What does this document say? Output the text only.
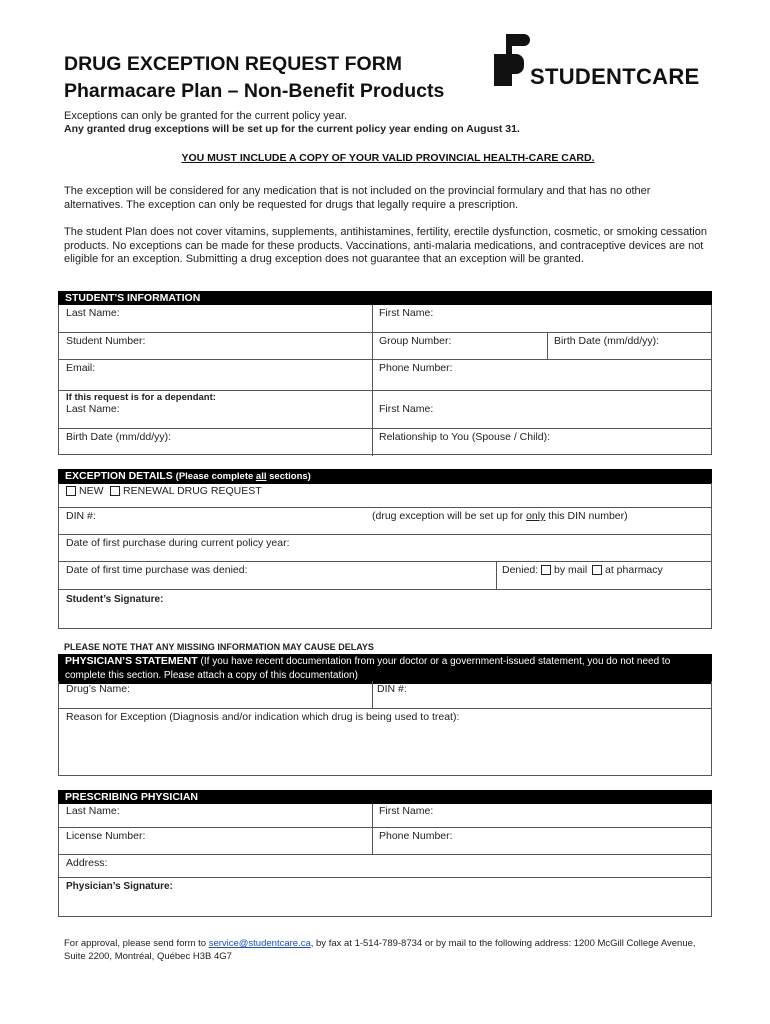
DRUG EXCEPTION REQUEST FORM
Pharmacare Plan – Non-Benefit Products
STUDENTCARE
Exceptions can only be granted for the current policy year.
Any granted drug exceptions will be set up for the current policy year ending on August 31.
YOU MUST INCLUDE A COPY OF YOUR VALID PROVINCIAL HEALTH-CARE CARD.
The exception will be considered for any medication that is not included on the provincial formulary and that has no other alternatives. The exception can only be requested for drugs that legally require a prescription.
The student Plan does not cover vitamins, supplements, antihistamines, fertility, erectile dysfunction, cosmetic, or smoking cessation products. No exceptions can be made for these products. Vaccinations, anti-malaria medications, and contraceptive devices are not eligible for an exception. Submitting a drug exception does not guarantee that an exception will be granted.
STUDENT'S INFORMATION
Last Name:	First Name:
Student Number:	Group Number:	Birth Date (mm/dd/yy):
Email:	Phone Number:
If this request is for a dependant:
Last Name:	First Name:
Birth Date (mm/dd/yy):	Relationship to You (Spouse / Child):
EXCEPTION DETAILS (Please complete all sections)
NEW	RENEWAL DRUG REQUEST
DIN #:	(drug exception will be set up for only this DIN number)
Date of first purchase during current policy year:
Date of first time purchase was denied:	Denied:	by mail	at pharmacy
Student’s Signature:
PLEASE NOTE THAT ANY MISSING INFORMATION MAY CAUSE DELAYS
PHYSICIAN’S STATEMENT (If you have recent documentation from your doctor or a government-issued statement, you do not need to complete this section. Please attach a copy of this documentation)
Drug’s Name:	DIN #:
Reason for Exception (Diagnosis and/or indication which drug is being used to treat):
PRESCRIBING PHYSICIAN
Last Name:	First Name:
License Number:	Phone Number:
Address:
Physician’s Signature:
For approval, please send form to service@studentcare.ca, by fax at 1-514-789-8734 or by mail to the following address: 1200 McGill College Avenue, Suite 2200, Montréal, Québec H3B 4G7
